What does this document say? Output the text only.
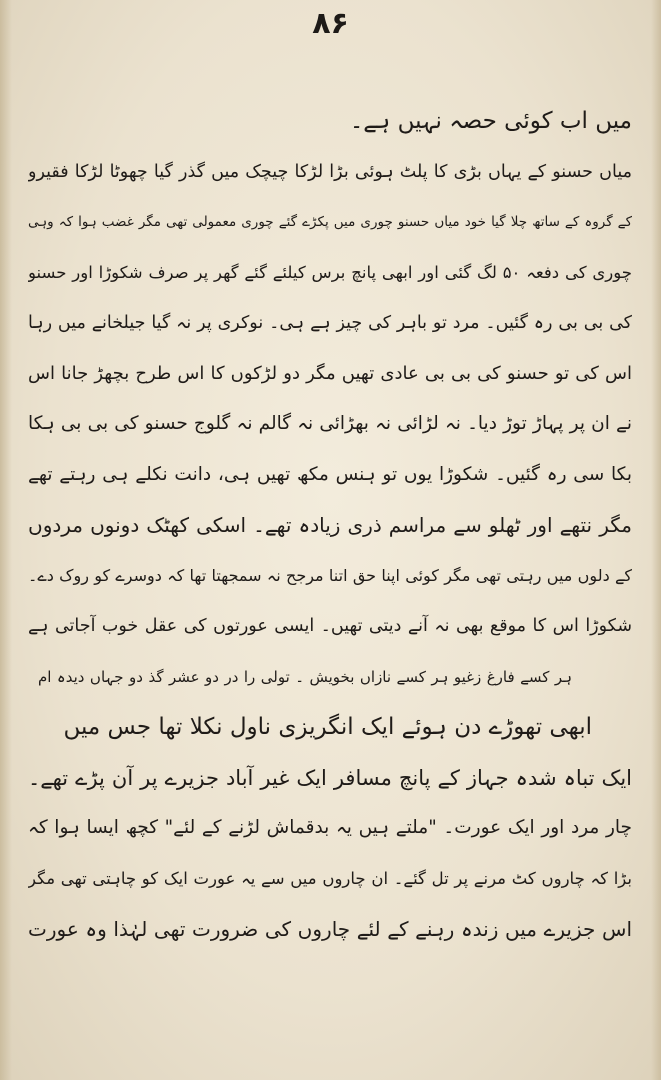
۸۶
میں اب کوئی حصہ نہیں ہے۔
میاں حسنو کے یہاں بڑی کا پلٹ ہوئی بڑا لڑکا چیچک میں گذر گیا چھوٹا لڑکا فقیرو
کے گروہ کے ساتھ چلا گیا خود میاں حسنو چوری میں پکڑے گئے چوری معمولی تھی مگر غضب ہوا کہ وہی
چوری کی دفعہ ۵۰ لگ گئی اور ابھی پانچ برس کیلئے گئے گھر پر صرف شکوڑا اور حسنو
کی بی بی رہ گئیں۔ مرد تو باہر کی چیز ہے ہی۔ نوکری پر نہ گیا جیلخانے میں رہا
اس کی تو حسنو کی بی بی عادی تھیں مگر دو لڑکوں کا اس طرح بچھڑ جانا اس
نے ان پر پہاڑ توڑ دیا۔ نہ لڑائی نہ بھڑائی نہ گالم نہ گلوج حسنو کی بی بی ہکا
بکا سی رہ گئیں۔ شکوڑا یوں تو ہنس مکھ تھیں ہی، دانت نکلے ہی رہتے تھے
مگر نتھے اور ٹھلو سے مراسم ذری زیادہ تھے۔ اسکی کھٹک دونوں مردوں
کے دلوں میں رہتی تھی مگر کوئی اپنا حق اتنا مرجح نہ سمجھتا تھا کہ دوسرے کو روک دے۔
شکوڑا اس کا موقع بھی نہ آنے دیتی تھیں۔ ایسی عورتوں کی عقل خوب آجاتی ہے
ہر کسے فارغ زغیو ہر کسے نازاں بخویش ۔ تولی را در دو عشر گذ دو جہاں دیدہ ام
ابھی تھوڑے دن ہوئے ایک انگریزی ناول نکلا تھا جس میں
ایک تباہ شدہ جہاز کے پانچ مسافر ایک غیر آباد جزیرے پر آن پڑے تھے۔
چار مرد اور ایک عورت۔ "ملتے ہیں یہ بدقماش لڑنے کے لئے" کچھ ایسا ہوا کہ
بڑا کہ چاروں کٹ مرنے پر تل گئے۔ ان چاروں میں سے یہ عورت ایک کو چاہتی تھی مگر
اس جزیرے میں زندہ رہنے کے لئے چاروں کی ضرورت تھی لہٰذا وہ عورت
